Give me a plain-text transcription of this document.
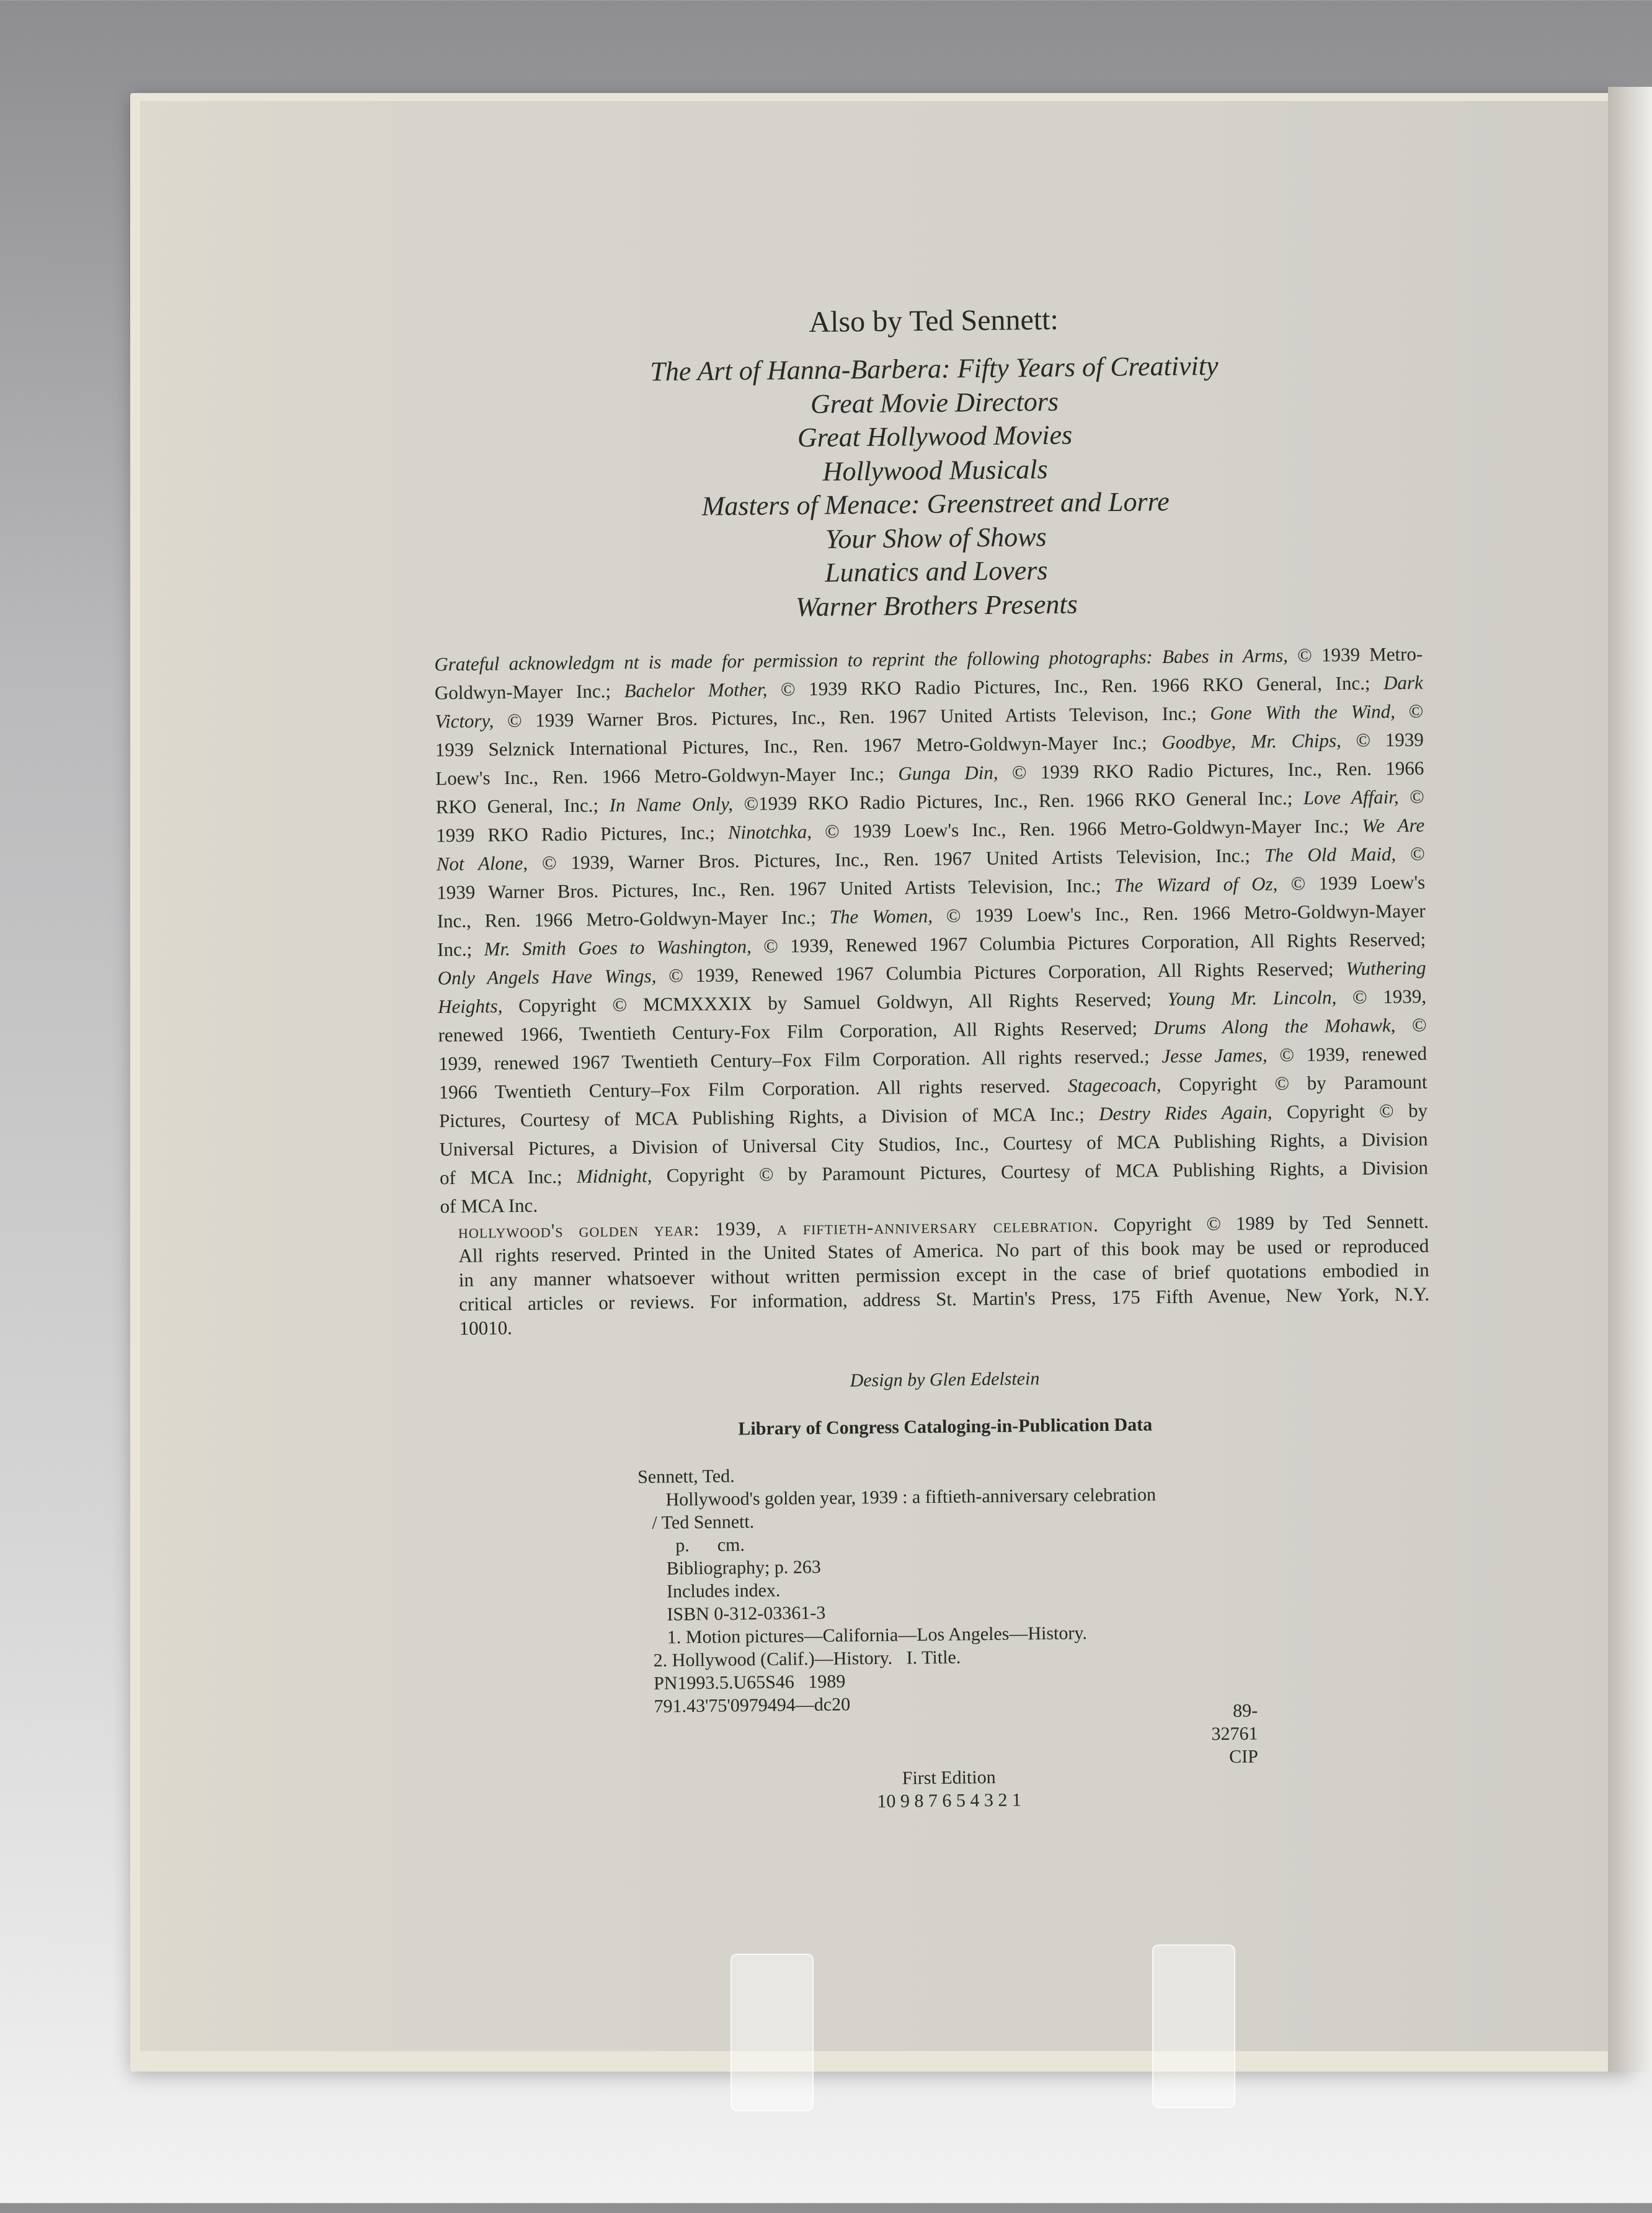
Also by Ted Sennett:
The Art of Hanna-Barbera: Fifty Years of Creativity
Great Movie Directors
Great Hollywood Movies
Hollywood Musicals
Masters of Menace: Greenstreet and Lorre
Your Show of Shows
Lunatics and Lovers
Warner Brothers Presents
Grateful acknowledgm nt is made for permission to reprint the following photographs: Babes in Arms, © 1939 Metro-
Goldwyn-Mayer Inc.; Bachelor Mother, © 1939 RKO Radio Pictures, Inc., Ren. 1966 RKO General, Inc.; Dark
Victory, © 1939 Warner Bros. Pictures, Inc., Ren. 1967 United Artists Televison, Inc.; Gone With the Wind, ©
1939 Selznick International Pictures, Inc., Ren. 1967 Metro-Goldwyn-Mayer Inc.; Goodbye, Mr. Chips, © 1939
Loew's Inc., Ren. 1966 Metro-Goldwyn-Mayer Inc.; Gunga Din, © 1939 RKO Radio Pictures, Inc., Ren. 1966
RKO General, Inc.; In Name Only, ©1939 RKO Radio Pictures, Inc., Ren. 1966 RKO General Inc.; Love Affair, ©
1939 RKO Radio Pictures, Inc.; Ninotchka, © 1939 Loew's Inc., Ren. 1966 Metro-Goldwyn-Mayer Inc.; We Are
Not Alone, © 1939, Warner Bros. Pictures, Inc., Ren. 1967 United Artists Television, Inc.; The Old Maid, ©
1939 Warner Bros. Pictures, Inc., Ren. 1967 United Artists Television, Inc.; The Wizard of Oz, © 1939 Loew's
Inc., Ren. 1966 Metro-Goldwyn-Mayer Inc.; The Women, © 1939 Loew's Inc., Ren. 1966 Metro-Goldwyn-Mayer
Inc.; Mr. Smith Goes to Washington, © 1939, Renewed 1967 Columbia Pictures Corporation, All Rights Reserved;
Only Angels Have Wings, © 1939, Renewed 1967 Columbia Pictures Corporation, All Rights Reserved; Wuthering
Heights, Copyright © MCMXXXIX by Samuel Goldwyn, All Rights Reserved; Young Mr. Lincoln, © 1939,
renewed 1966, Twentieth Century-Fox Film Corporation, All Rights Reserved; Drums Along the Mohawk, ©
1939, renewed 1967 Twentieth Century–Fox Film Corporation. All rights reserved.; Jesse James, © 1939, renewed
1966 Twentieth Century–Fox Film Corporation. All rights reserved. Stagecoach, Copyright © by Paramount
Pictures, Courtesy of MCA Publishing Rights, a Division of MCA Inc.; Destry Rides Again, Copyright © by
Universal Pictures, a Division of Universal City Studios, Inc., Courtesy of MCA Publishing Rights, a Division
of MCA Inc.; Midnight, Copyright © by Paramount Pictures, Courtesy of MCA Publishing Rights, a Division
of MCA Inc.
hollywood's golden year: 1939, a fiftieth-anniversary celebration. Copyright © 1989 by Ted Sennett.
All rights reserved. Printed in the United States of America. No part of this book may be used or reproduced
in any manner whatsoever without written permission except in the case of brief quotations embodied in
critical articles or reviews. For information, address St. Martin's Press, 175 Fifth Avenue, New York, N.Y.
10010.
Design by Glen Edelstein
Library of Congress Cataloging-in-Publication Data
Sennett, Ted.
Hollywood's golden year, 1939 : a fiftieth-anniversary celebration
/ Ted Sennett.
p.      cm.
Bibliography; p. 263
Includes index.
ISBN 0-312-03361-3
1. Motion pictures—California—Los Angeles—History.
2. Hollywood (Calif.)—History.   I. Title.
PN1993.5.U65S46   1989
791.43'75'0979494—dc20	89-32761
CIP
First Edition
10 9 8 7 6 5 4 3 2 1
